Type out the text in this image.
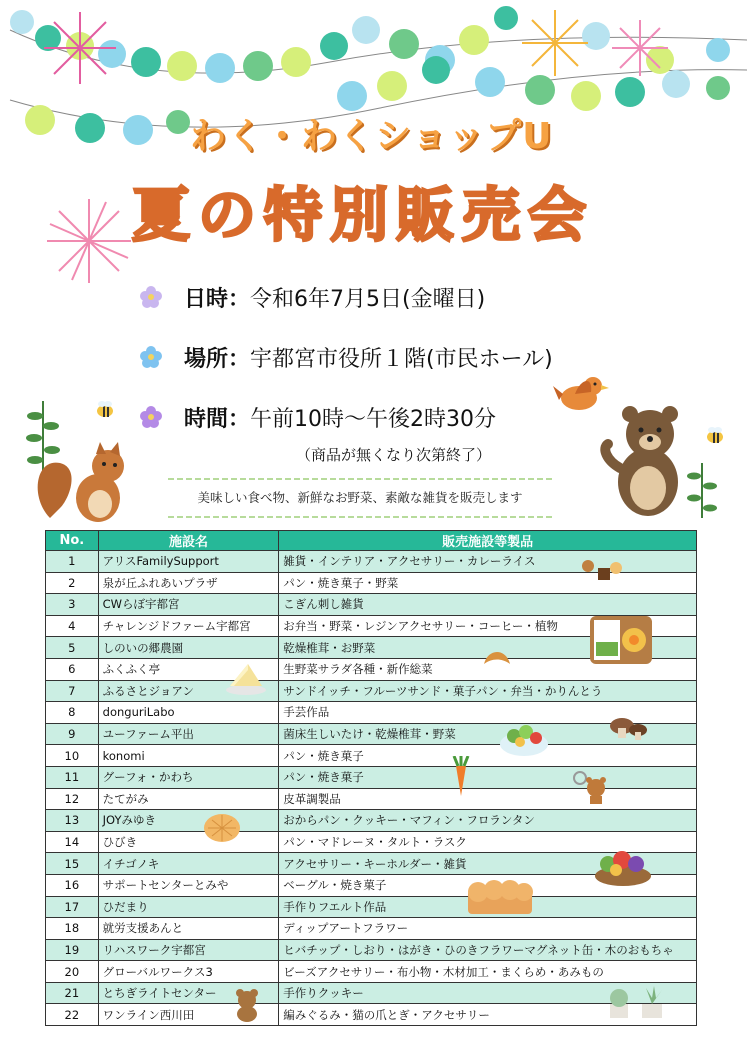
わく・わくショップU
夏の特別販売会
日時： 令和6年7月5日(金曜日)
場所： 宇都宮市役所１階(市民ホール)
時間： 午前10時～午後2時30分
（商品が無くなり次第終了）
美味しい食べ物、新鮮なお野菜、素敵な雑貨を販売します
No.	施設名	販売施設等製品
1	アリスFamilySupport	雑貨・インテリア・アクセサリー・カレーライス
2	泉が丘ふれあいプラザ	パン・焼き菓子・野菜
3	CWらぼ宇都宮	こぎん刺し雑貨
4	チャレンジドファーム宇都宮	お弁当・野菜・レジンアクセサリー・コーヒー・植物
5	しのいの郷農園	乾燥椎茸・お野菜
6	ふくふく亭	生野菜サラダ各種・新作総菜
7	ふるさとジョアン	サンドイッチ・フルーツサンド・菓子パン・弁当・かりんとう
8	donguriLabo	手芸作品
9	ユーファーム平出	菌床生しいたけ・乾燥椎茸・野菜
10	konomi	パン・焼き菓子
11	グーフォ・かわち	パン・焼き菓子
12	たてがみ	皮革調製品
13	JOYみゆき	おからパン・クッキー・マフィン・フロランタン
14	ひびき	パン・マドレーヌ・タルト・ラスク
15	イチゴノキ	アクセサリー・キーホルダー・雑貨
16	サポートセンターとみや	ベーグル・焼き菓子
17	ひだまり	手作りフエルト作品
18	就労支援あんと	ディップアートフラワー
19	リハスワーク宇都宮	ヒバチップ・しおり・はがき・ひのきフラワーマグネット缶・木のおもちゃ
20	グローバルワークス3	ビーズアクセサリー・布小物・木材加工・まくらめ・あみもの
21	とちぎライトセンター	手作りクッキー
22	ワンライン西川田	編みぐるみ・猫の爪とぎ・アクセサリー
